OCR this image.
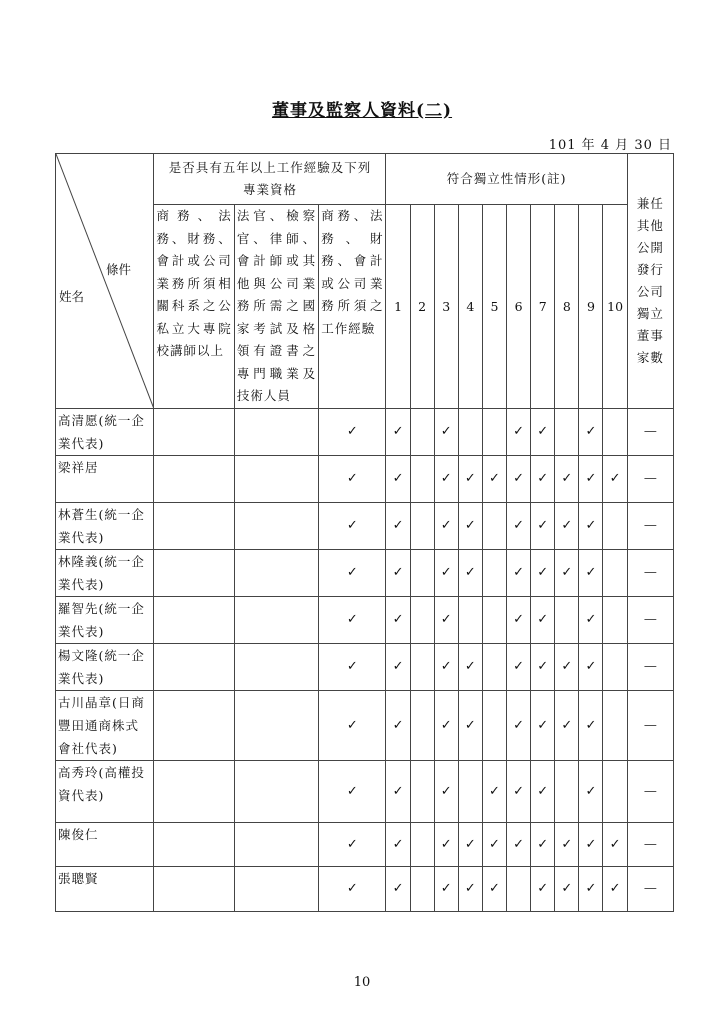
董事及監察人資料(二)
101 年 4 月 30 日
條件
姓名	是否具有五年以上工作經驗及下列專業資格			符合獨立性情形(註)										兼任其他公開發行公司獨立董事家數
	商務、法務、財務、會計或公司業務所須相關科系之公私立大專院校講師以上	法官、檢察官、律師、會計師或其他與公司業務所需之國家考試及格領有證書之專門職業及技術人員	商務、法務、財務、會計或公司業務所須之工作經驗	1	2	3	4	5	6	7	8	9	10	
高清愿(統一企業代表)			✓	✓		✓			✓	✓		✓		—
梁祥居			✓	✓		✓	✓	✓	✓	✓	✓	✓	✓	—
林蒼生(統一企業代表)			✓	✓		✓	✓		✓	✓	✓	✓		—
林隆義(統一企業代表)			✓	✓		✓	✓		✓	✓	✓	✓		—
羅智先(統一企業代表)			✓	✓		✓			✓	✓		✓		—
楊文隆(統一企業代表)			✓	✓		✓	✓		✓	✓	✓	✓		—
古川晶章(日商豐田通商株式會社代表)			✓	✓		✓	✓		✓	✓	✓	✓		—
高秀玲(高權投資代表)			✓	✓		✓		✓	✓	✓		✓		—
陳俊仁			✓	✓		✓	✓	✓	✓	✓	✓	✓	✓	—
張聰賢			✓	✓		✓	✓	✓		✓	✓	✓	✓	—
10
